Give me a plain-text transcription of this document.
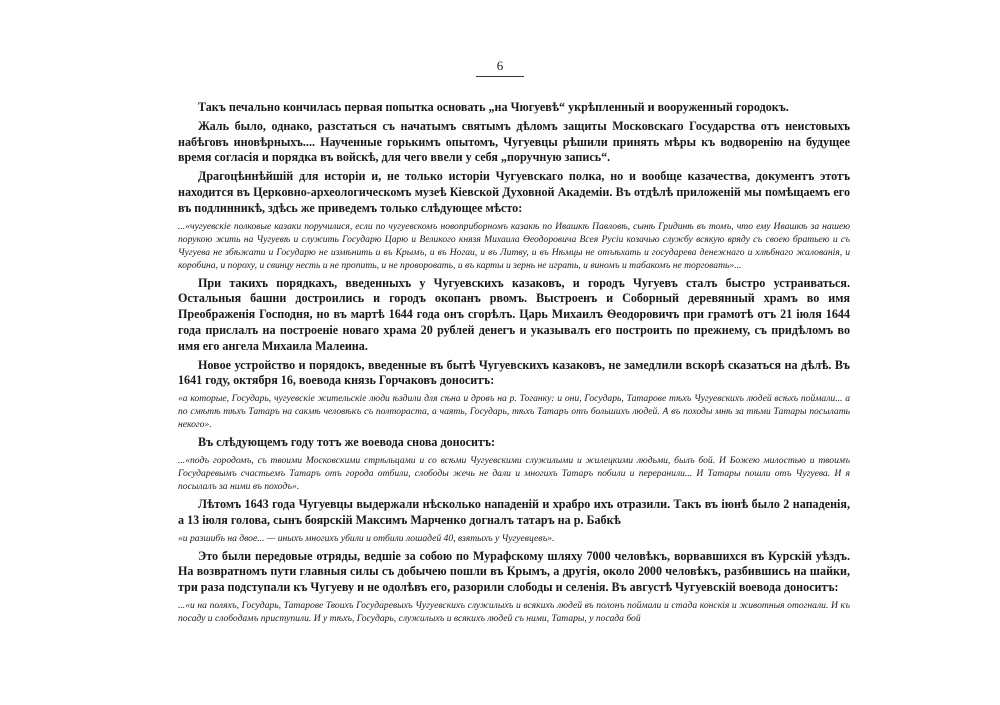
6
Такъ печально кончилась первая попытка основать „на Чюгуевѣ“ укрѣпленный и вооруженный городокъ.
Жаль было, однако, разстаться съ начатымъ святымъ дѣломъ защиты Московскаго Государства отъ неистовыхъ набѣговъ иновѣрныхъ.... Наученные горькимъ опытомъ, Чугуевцы рѣшили принять мѣры къ водворенію на будущее время согласія и порядка въ войскѣ, для чего ввели у себя „поручную запись“.
Драгоцѣннѣйшій для исторіи и, не только исторіи Чугуевскаго полка, но и вообще казачества, документъ этотъ находится въ Церковно-археологическомъ музеѣ Кіевской Духовной Академіи. Въ отдѣлѣ приложеній мы помѣщаемъ его въ подлинникѣ, здѣсь же приведемъ только слѣдующее мѣсто:
...«чугуевскіе полковые казаки поручилися, если по чугуевскомъ новоприборномъ казакѣ по Ивашкѣ Павловѣ, сынѣ Гридинѣ въ томъ, что ему Ивашкѣ за нашею порукою жить на Чугуевѣ и служить Государю Царю и Великого князя Михаила Ѳеодоровича Всея Русіи козачью службу всякую вряду съ своею братьею и съ Чугуева не збѣжати и Государю не измѣнить и въ Крымъ, и въ Ногаи, и въ Литву, и въ Нѣмцы не отъѣхать и государева денежнаго и хлѣбнаго жалованія, и коробина, и пороху, и свинцу несть и не пропить, и не проворовать, и въ карты и зернь не играть, и виномъ и табакомъ не торговать»...
При такихъ порядкахъ, введенныхъ у Чугуевскихъ казаковъ, и городъ Чугуевъ сталъ быстро устраиваться. Остальныя башни достроились и городъ окопанъ рвомъ. Выстроенъ и Соборный деревянный храмъ во имя Преображенія Господня, но въ мартѣ 1644 года онъ сгорѣлъ. Царь Михаилъ Ѳеодоровичъ при грамотѣ отъ 21 іюля 1644 года прислалъ на построеніе новаго храма 20 рублей денегъ и указывалъ его построить по прежнему, съ придѣломъ во имя его ангела Михаила Малеина.
Новое устройство и порядокъ, введенные въ бытѣ Чугуевскихъ казаковъ, не замедлили вскорѣ сказаться на дѣлѣ. Въ 1641 году, октября 16, воевода князь Горчаковъ доноситъ:
«а которые, Государь, чугуевскіе жительскіе люди ѣздили для сѣна и дровъ на р. Тоганку: и они, Государь, Татарове тѣхъ Чугуевскихъ людей всѣхъ поймали... а по смѣтѣ тѣхъ Татаръ на сакмѣ человѣкъ съ полтораста, а чаять, Государь, тѣхъ Татаръ отъ большихъ людей. А въ походы мнѣ за тѣми Татары посылать некого».
Въ слѣдующемъ году тотъ же воевода снова доноситъ:
...«подъ городомъ, съ твоими Московскими стрѣльцами и со всѣми Чугуевскими служилыми и жилецкими людьми, былъ бой. И Божею милостью и твоимъ Государевымъ счастьемъ Татаръ отъ города отбили, слободы жечь не дали и многихъ Татаръ побили и переранили... И Татары пошли отъ Чугуева. И я посылалъ за ними въ походъ».
Лѣтомъ 1643 года Чугуевцы выдержали нѣсколько нападеній и храбро ихъ отразили. Такъ въ іюнѣ было 2 нападенія, а 13 іюля голова, сынъ боярскій Максимъ Марченко догналъ татаръ на р. Бабкѣ
«и разшибъ на двое... — иныхъ многихъ убили и отбили лошадей 40, взятыхъ у Чугуевцевъ».
Это были передовые отряды, ведшіе за собою по Мурафскому шляху 7000 человѣкъ, ворвавшихся въ Курскій уѣздъ. На возвратномъ пути главныя силы съ добычею пошли въ Крымъ, а другія, около 2000 человѣкъ, разбившись на шайки, три раза подступали къ Чугуеву и не одолѣвъ его, разорили слободы и селенія. Въ августѣ Чугуевскій воевода доноситъ:
...«и на поляхъ, Государь, Татарове Твоихъ Государевыхъ Чугуевскихъ служилыхъ и всякихъ людей въ полонъ поймали и стада конскія и животныя отогнали. И къ посаду и слободамъ приступили. И у тѣхъ, Государь, служилыхъ и всякихъ людей съ ними, Татары, у посада бой
